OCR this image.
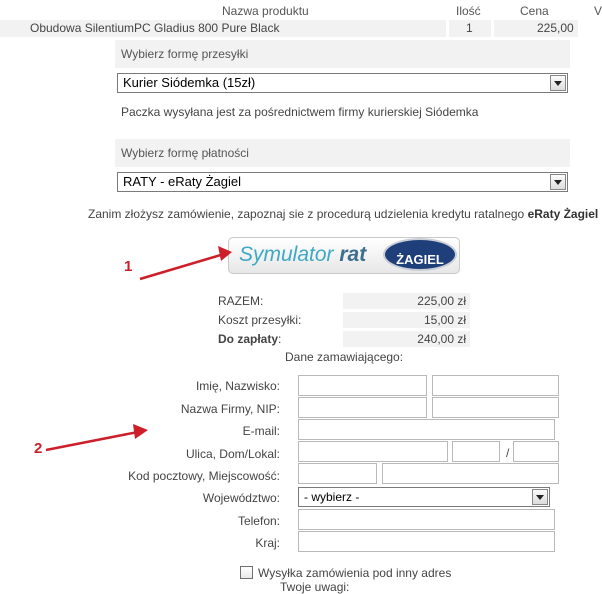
Nazwa produktu	Ilość	Cena	V
Obudowa SilentiumPC Gladius 800 Pure Black	1	225,00
Wybierz formę przesyłki
Kurier Siódemka (15zł)
Paczka wysyłana jest za pośrednictwem firmy kurierskiej Siódemka
Wybierz formę płatności
RATY - eRaty Żagiel
Zanim złożysz zamówienie, zapoznaj sie z procedurą udzielenia kredytu ratalnego eRaty Żagiel
Symulator rat	ŻAGIEL
1
RAZEM:	225,00 zł
Koszt przesyłki:	15,00 zł
Do zapłaty:	240,00 zł
Dane zamawiającego:
Imię, Nazwisko:
Nazwa Firmy, NIP:
E-mail:
Ulica, Dom/Lokal:	/
Kod pocztowy, Miejscowość:
Województwo:	- wybierz -
Telefon:
Kraj:
Wysyłka zamówienia pod inny adres
Twoje uwagi:
2
